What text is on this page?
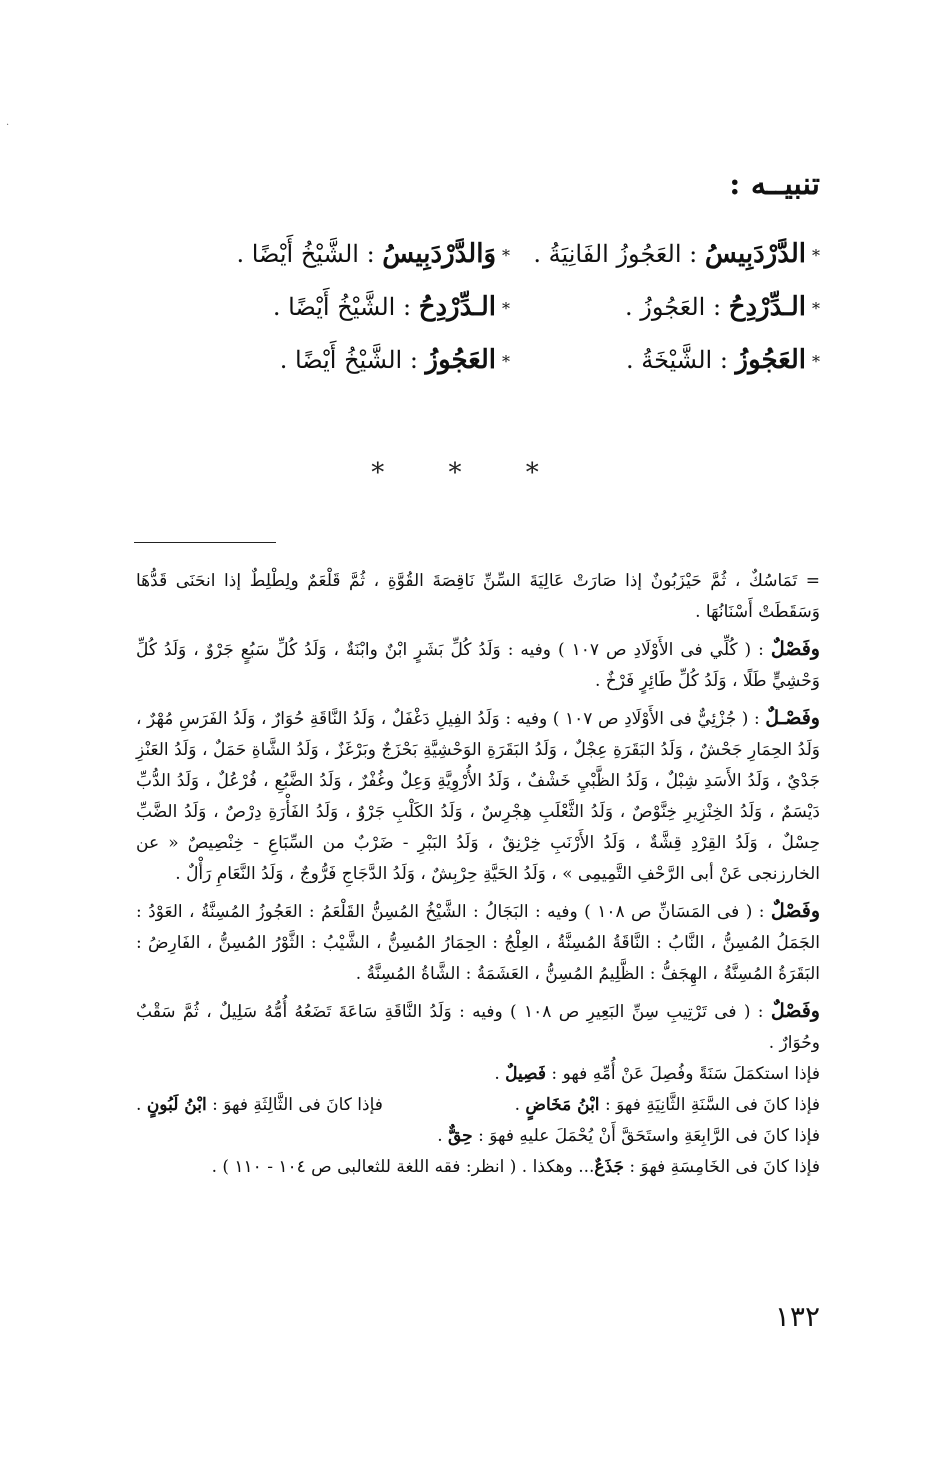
·
تنبيــه :
*الدَّرْدَبِيسُ : العَجُوزُ الفَانِيَةُ .
*وَالدَّرْدَبِيسُ : الشَّيْخُ أَيْضًا .
*الـدِّرْدِحُ : العَجُوزُ .
*الـدِّرْدِحُ : الشَّيْخُ أَيْضًا .
*العَجُوزُ : الشَّيْخَةُ .
*العَجُوزُ : الشَّيْخُ أَيْضًا .
* * *

= تَمَاسُكٌ ، ثُمَّ حَيْزَبُونٌ إذا صَارَتْ عَالِيَةَ السِّنِّ نَاقِصَةَ القُوَّةِ ، ثُمَّ قَلْعَمٌ ولِطْلِطٌ إذا انحَنَى قَدُّهَا وَسَقَطَتْ أَسْنَانُهَا .

وفَصْلٌ : ( كُلِّي فى الأَوْلَادِ ص ١٠٧ ) وفيه : وَلَدُ كُلِّ بَشَرٍ ابْنٌ وابْنَةٌ ، وَلَدُ كُلِّ سَبُعٍ جَرْوٌ ، وَلَدُ كُلِّ وَحْشِيٍّ طَلًا ، وَلَدُ كُلِّ طَائِرٍ فَرْخٌ .

وفَصْـلٌ : ( جُزْئِيٌّ فى الأَوْلَادِ ص ١٠٧ ) وفيه : وَلَدُ الفِيلِ دَغْفَلٌ ، وَلَدُ النَّاقَةِ حُوَارٌ ، وَلَدُ الفَرَسِ مُهْرٌ ، وَلَدُ الحِمَارِ جَحْشٌ ، وَلَدُ البَقَرَةِ عِجْلٌ ، وَلَدُ البَقَرَةِ الوَحْشِيَّةِ بَحْزَجٌ وبَرْغَزٌ ، وَلَدُ الشَّاةِ حَمَلٌ ، وَلَدُ العَنْزِ جَدْيٌ ، وَلَدُ الأَسَدِ شِبْلٌ ، وَلَدُ الظَّبْيِ خَشْفٌ ، وَلَدُ الأُرْوِيَّةِ وَعِلٌ وغُفْرٌ ، وَلَدُ الضَّبُعِ ، فُرْعُلٌ ، وَلَدُ الدُّبِّ دَيْسَمٌ ، وَلَدُ الخِنْزِيرِ خِنَّوْصٌ ، وَلَدُ الثَّعْلَبِ هِجْرِسٌ ، وَلَدُ الكَلْبِ جَرْوٌ ، وَلَدُ الفَأْرَةِ دِرْصٌ ، وَلَدُ الضَّبِّ حِسْلٌ ، وَلَدُ القِرْدِ قِشَّةٌ ، وَلَدُ الأَرْنَبِ خِرْنِقٌ ، وَلَدُ البَبْرِ - ضَرْبٌ من السِّبَاعِ - خِنْصِيصٌ « عن الخارزنجى عَنْ أبى الرَّحْفِ التَّمِيمِى » ، وَلَدُ الحَيَّةِ حِرْبِشٌ ، وَلَدُ الدَّجَاجِ فَرُّوجٌ ، وَلَدُ النَّعَامِ رَأْلٌ .

وفَصْلٌ : ( فى المَسَانِّ ص ١٠٨ ) وفيه : البَجَالُ : الشَّيْخُ المُسِنُّ القَلْعَمُ : العَجُوزُ المُسِنَّةُ ، العَوْدُ : الجَمَلُ المُسِنُّ ، النَّابُ : النَّاقَةُ المُسِنَّةُ ، العِلْجُ : الحِمَارُ المُسِنُّ ، الشَّيْبُ : الثَّوْرُ المُسِنُّ ، الفَارِضُ : البَقَرَةُ المُسِنَّةُ ، الهِجَفُّ : الظَّلِيمُ المُسِنُّ ، العَشَمَةُ : الشَّاةُ المُسِنَّةُ .

وفَصْلٌ : ( فى تَرْتِيبِ سِنِّ البَعِيرِ ص ١٠٨ ) وفيه : وَلَدُ النَّاقَةِ سَاعَةَ تَضَعُهُ أُمُّهُ سَلِيلٌ ، ثُمَّ سَقْبٌ وحُوَارٌ .

فإذا استكمَلَ سَنَةً وفُصِلَ عَنْ أُمِّهِ فهو : فَصِيلٌ .

فإذا كانَ فى السَّنَةِ الثَّانِيَةِ فهوَ : ابْنُ مَخَاضٍ .
فإذا كانَ فى الثَّالِثَةِ فهوَ : ابْنُ لَبُونٍ .

فإذا كانَ فى الرَّابِعَةِ واستَحَقَّ أَنْ يُحْمَلَ عليهِ فهوَ : حِقٌّ .

فإذا كانَ فى الخَامِسَةِ فهوَ : جَذَعٌ... وهكذا . ( انظر: فقه اللغة للثعالبى ص ١٠٤ - ١١٠ ) .

١٣٢
